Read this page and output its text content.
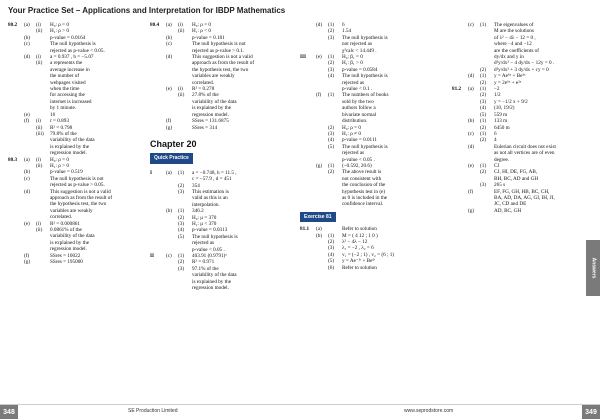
Your Practice Set – Applications and Interpretation for IBDP Mathematics
80.2	(a)	(i)	H₀: ρ = 0
(ii)	H₁: ρ > 0
(b)	p-value = 0.0164
(c)	The null hypothesis is
rejected as p-value < 0.05.
(d)	(i)	a = 0.937 , b = −5.07
(ii)	a represents the
average increase in
the number of
webpages visited
when the time
for accessing the
internet is increased
by 1 minute.
(e)	16
(f)	(i)	r = 0.893
(ii)	R² = 0.798
(iii)	79.8% of the
variability of the data
is explained by the
regression model.
80.3	(a)	(i)	H₀: ρ = 0
(ii)	H₁: ρ > 0
(b)	p-value = 0.519
(c)	The null hypothesis is not
rejected as p-value > 0.05.
(d)	This suggestion is not a valid
approach as from the result of
the hypothesis test, the two
variables are weakly
correlated.
(e)	(i)	R² = 0.000861
(ii)	0.0861% of the
variability of the data
is explained by the
regression model.
(f)	SSres = 10022
(g)	SSres = 195000
80.4	(a)	(i)	H₀: ρ = 0
(ii)	H₁: ρ < 0
(b)	p-value = 0.181
(c)	The null hypothesis is not
rejected as p-value > 0.1.
(d)	This suggestion is not a valid
approach as from the result of
the hypothesis test, the two
variables are weakly
correlated.
(e)	(i)	R² = 0.278
(ii)	27.8% of the
variability of the data
is explained by the
regression model.
(f)	SSres = 131.6875
(g)	SSres = 314
Chapter 20
Quick Practice
I	(a)	(1)	a = −0.748, h = 11.5 ,
c = −57.9 , d = 451
(2)	354
(3)	This estimation is
valid as this is an
interpolation.
(b)	(1)	346.2
(2)	H₀: μ = 370
(3)	H₁: μ < 370
(4)	p-value = 0.0313
(5)	The null hypothesis is
rejected as
p-value < 0.05 .
II	(c)	(1)	403.91 (0.9791)ˣ
(2)	R² = 0.971
(3)	97.1% of the
variability of the data
is explained by the
regression model.
(d)	(1)	6
(2)	1.54
(3)	The null hypothesis is
not rejected as
χ²calc < 14.449 .
III	(e)	(1)	H₀: β₁ = 0
(2)	H₁: β₁ > 0
(3)	p-value = 0.0584
(4)	The null hypothesis is
rejected as
p-value < 0.1 .
(f)	(1)	The numbers of books
sold by the two
authors follow a
bivariate normal
distribution.
(2)	H₀: ρ = 0
(3)	H₁: ρ ≠ 0
(4)	p-value = 0.0111
(5)	The null hypothesis is
rejected as
p-value < 0.05 .
(g)	(1)	(−0.592, 20.6)
(2)	The above result is
not consistent with
the conclusion of the
hypothesis test in (e)
as 0 is included in the
confidence interval.
Exercise 81
81.1	(a)	Refer to solution
(b)	(1)	M = ( 4 12 ; 1 0 )
(2)	λ² − 4λ − 12
(3)	λ₁ = −2 , λ₂ = 6
(4)	v₁ = (−2 ; 1) , v₂ = (6 ; 1)
(5)	y = Ae⁻²ᵗ + Be⁶ᵗ
(6)	Refer to solution
(c)	(1)	The eigenvalues of
M are the solutions
of λ² − 4λ − 12 = 0 ,
where −4 and −12
are the coefficients of
dy/dx and y in
d²y/dx² − 4 dy/dx − 12y = 0 .
(2)	d²y/dx² + 3 dy/dx + cy = 0
(d)	(1)	y = Ae⁶ˣ + Be²ˣ
(2)	y = 2e⁶ˣ + e²ˣ
81.2	(a)	(1)	−2
(2)	1/2
(3)	y = −1/2 x + 9/2
(4)	(10, 19/2)
(5)	559 m
(b)	(1)	133 m
(2)	6450 m
(c)	(1)	6
(2)	4
(d)	Eulerian circuit does not exist
as not all vertices are of even
degree.
(e)	(1)	CJ
(2)	CJ, HI, DE, FG, AB,
BH, BC, AD and GH
(3)	265 s
(f)	EF, FG, GH, HB, BC, CH,
BA, AD, DA, AG, GI, IH, JI,
JC, CD and DE
(g)	AD, BC, GH
Answers
348	SE Production Limited	www.seprodstore.com	349
